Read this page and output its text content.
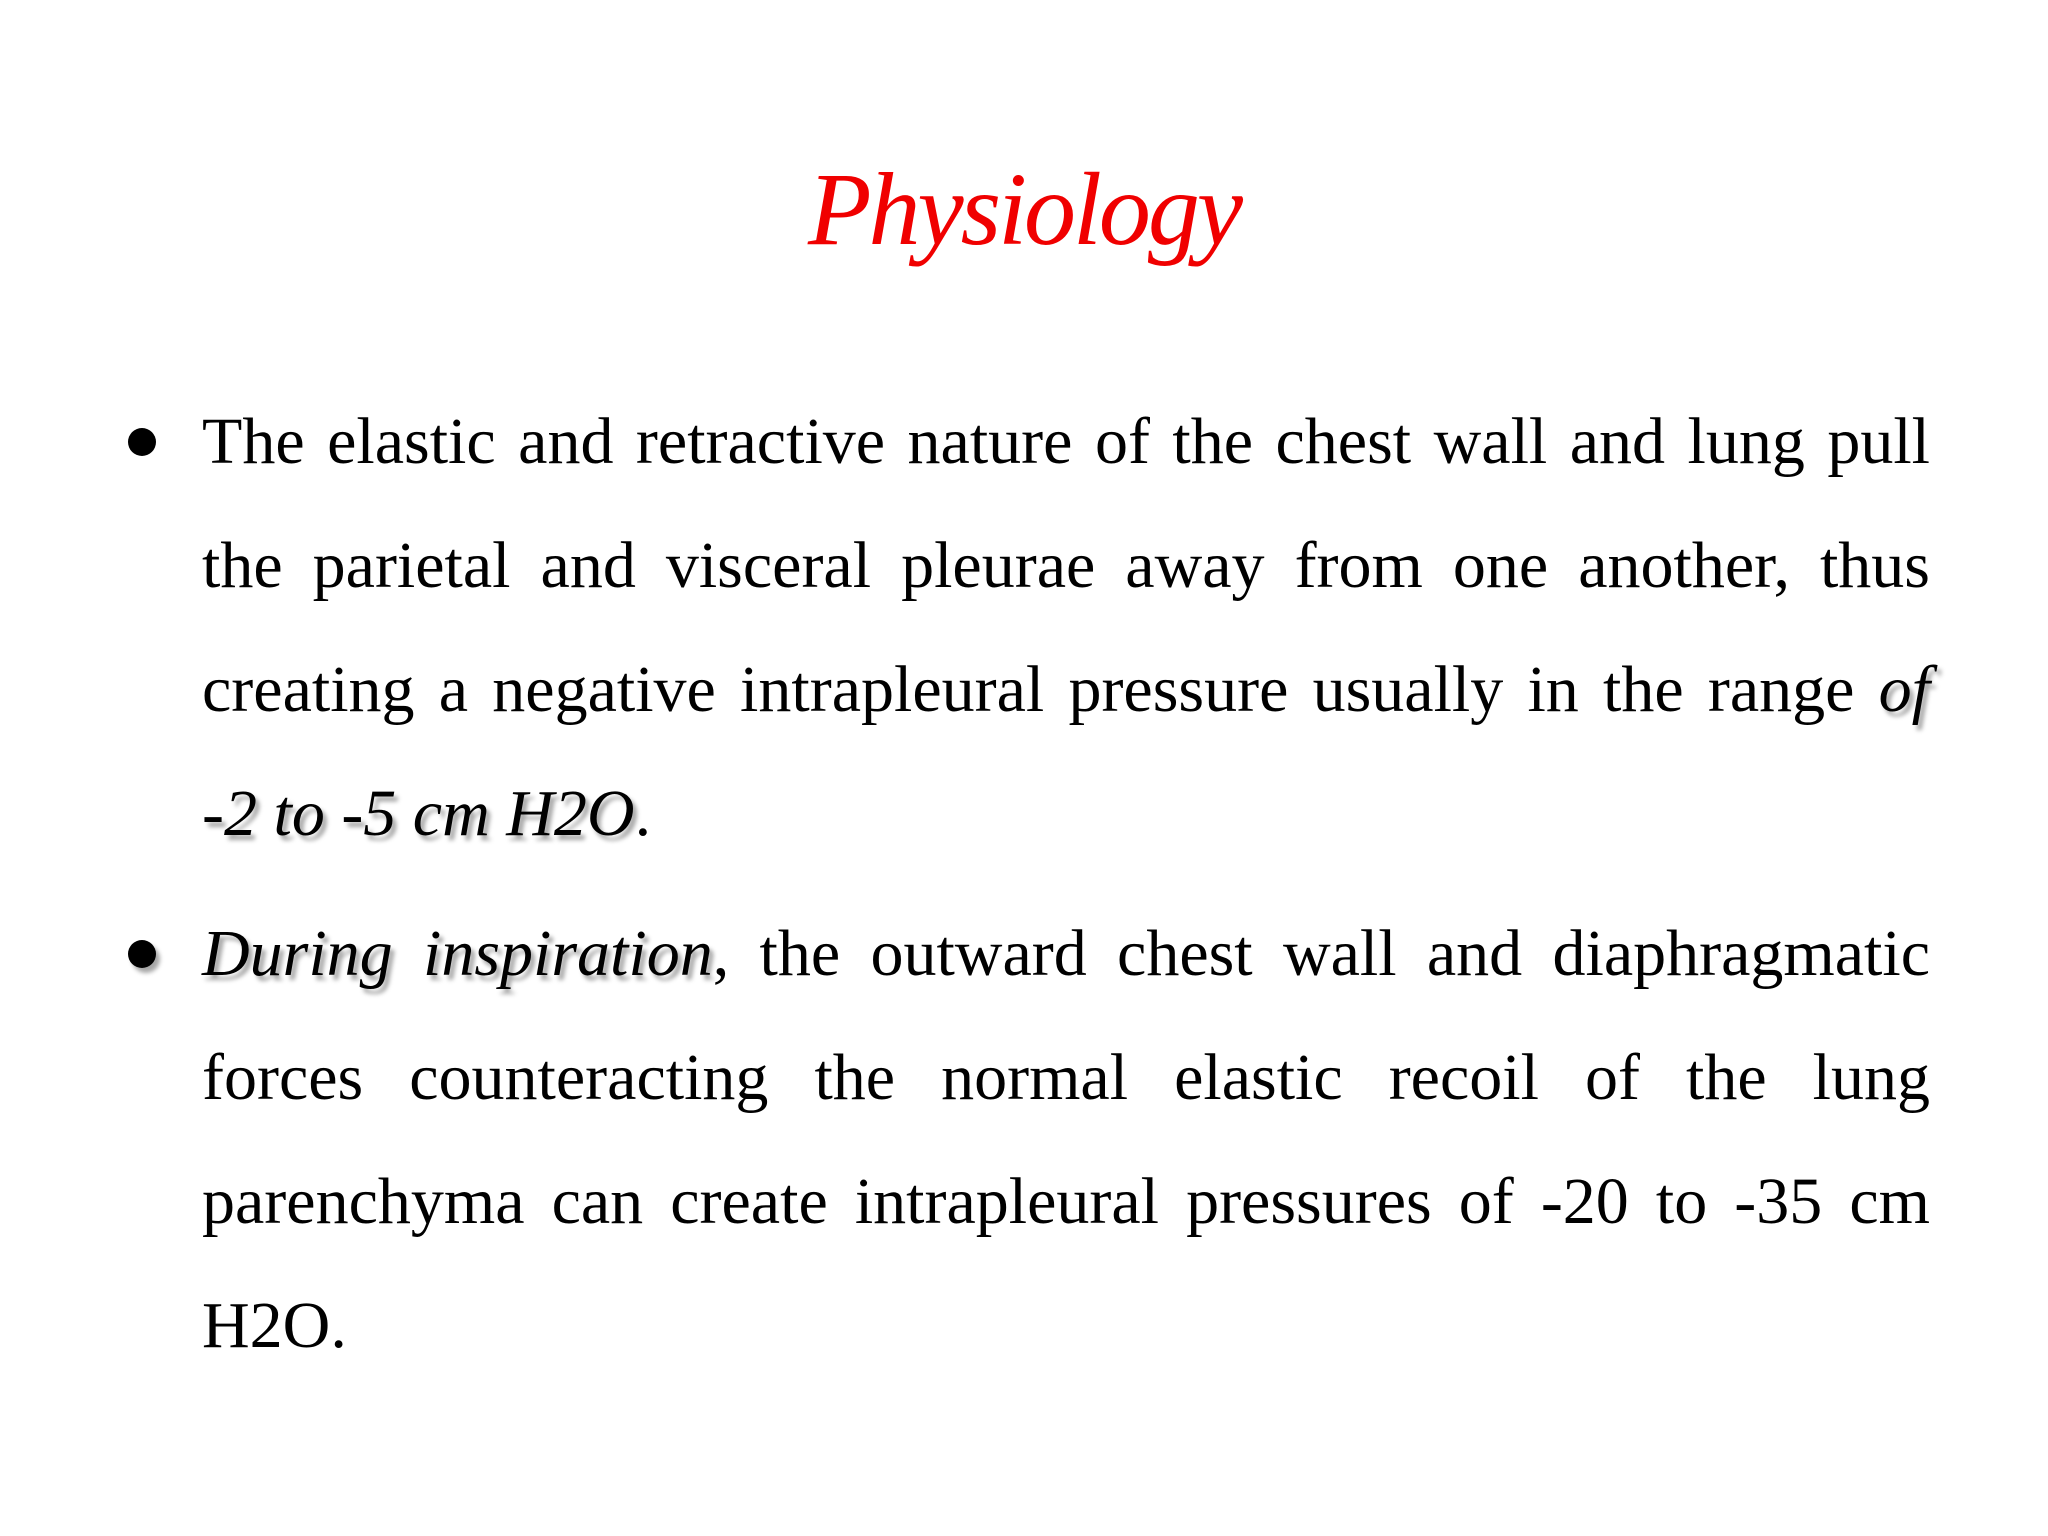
Physiology
The elastic and retractive nature of the chest wall and lung pull the parietal and visceral pleurae away from one another, thus creating a negative intrapleural pressure usually in the range of -2 to -5 cm H2O.
During inspiration, the outward chest wall and diaphragmatic forces counteracting the normal elastic recoil of the lung parenchyma can create intrapleural pressures of -20 to -35 cm H2O.
